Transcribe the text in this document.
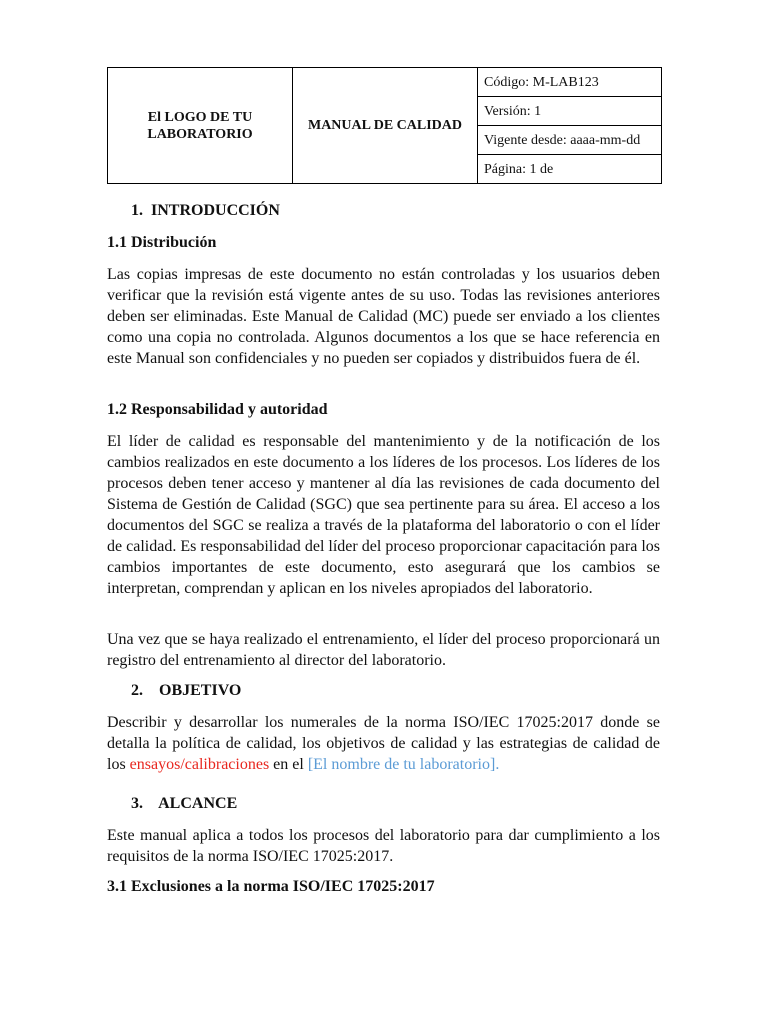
El LOGO DE TU
LABORATORIO	MANUAL DE CALIDAD	Código: M-LAB123
Versión: 1
Vigente desde: aaaa-mm-dd
Página: 1 de
1. INTRODUCCIÓN
1.1 Distribución
Las copias impresas de este documento no están controladas y los usuarios deben verificar que la revisión está vigente antes de su uso. Todas las revisiones anteriores deben ser eliminadas. Este Manual de Calidad (MC) puede ser enviado a los clientes como una copia no controlada. Algunos documentos a los que se hace referencia en este Manual son confidenciales y no pueden ser copiados y distribuidos fuera de él.
1.2 Responsabilidad y autoridad
El líder de calidad es responsable del mantenimiento y de la notificación de los cambios realizados en este documento a los líderes de los procesos. Los líderes de los procesos deben tener acceso y mantener al día las revisiones de cada documento del Sistema de Gestión de Calidad (SGC) que sea pertinente para su área. El acceso a los documentos del SGC se realiza a través de la plataforma del laboratorio o con el líder de calidad. Es responsabilidad del líder del proceso proporcionar capacitación para los cambios importantes de este documento, esto asegurará que los cambios se interpretan, comprendan y aplican en los niveles apropiados del laboratorio.
Una vez que se haya realizado el entrenamiento, el líder del proceso proporcionará un registro del entrenamiento al director del laboratorio.
2. OBJETIVO
Describir y desarrollar los numerales de la norma ISO/IEC 17025:2017 donde se detalla la política de calidad, los objetivos de calidad y las estrategias de calidad de los ensayos/calibraciones en el [El nombre de tu laboratorio].
3. ALCANCE
Este manual aplica a todos los procesos del laboratorio para dar cumplimiento a los requisitos de la norma ISO/IEC 17025:2017.
3.1 Exclusiones a la norma ISO/IEC 17025:2017
